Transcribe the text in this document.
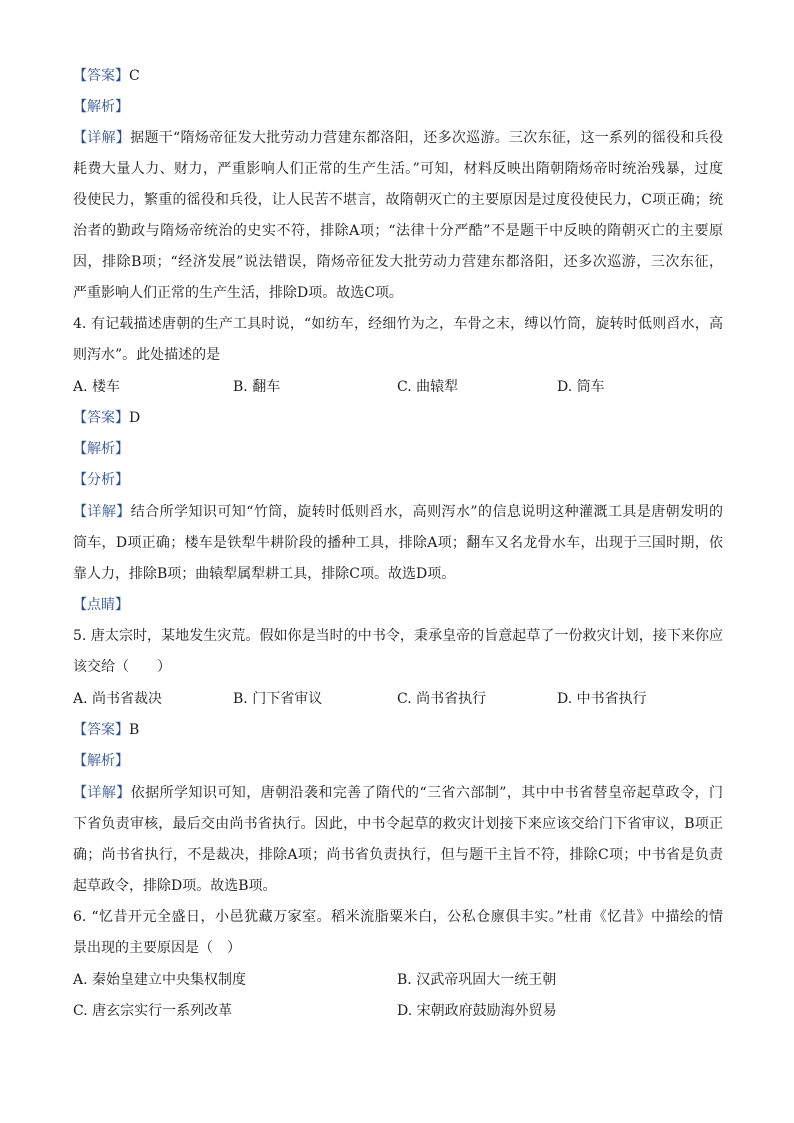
【答案】C
【解析】
【详解】据题干“隋炀帝征发大批劳动力营建东都洛阳，还多次巡游。三次东征，这一系列的徭役和兵役
耗费大量人力、财力，严重影响人们正常的生产生活。”可知，材料反映出隋朝隋炀帝时统治残暴，过度
役使民力，繁重的徭役和兵役，让人民苦不堪言，故隋朝灭亡的主要原因是过度役使民力，C项正确；统
治者的勤政与隋炀帝统治的史实不符，排除A项；“法律十分严酷”不是题干中反映的隋朝灭亡的主要原
因，排除B项；“经济发展”说法错误，隋炀帝征发大批劳动力营建东都洛阳，还多次巡游，三次东征，
严重影响人们正常的生产生活，排除D项。故选C项。
4. 有记载描述唐朝的生产工具时说，“如纺车，经细竹为之，车骨之末，缚以竹筒，旋转时低则舀水，高
则泻水”。此处描述的是
A. 楼车	B. 翻车	C. 曲辕犁	D. 筒车
【答案】D
【解析】
【分析】
【详解】结合所学知识可知“竹筒，旋转时低则舀水，高则泻水”的信息说明这种灌溉工具是唐朝发明的
筒车，D项正确；楼车是铁犁牛耕阶段的播种工具，排除A项；翻车又名龙骨水车，出现于三国时期，依
靠人力，排除B项；曲辕犁属犁耕工具，排除C项。故选D项。
【点睛】
5. 唐太宗时，某地发生灾荒。假如你是当时的中书令，秉承皇帝的旨意起草了一份救灾计划，接下来你应
该交给（　　）
A. 尚书省裁决	B. 门下省审议	C. 尚书省执行	D. 中书省执行
【答案】B
【解析】
【详解】依据所学知识可知，唐朝沿袭和完善了隋代的“三省六部制”，其中中书省替皇帝起草政令，门
下省负责审核，最后交由尚书省执行。因此，中书令起草的救灾计划接下来应该交给门下省审议，B项正
确；尚书省执行，不是裁决，排除A项；尚书省负责执行，但与题干主旨不符，排除C项；中书省是负责
起草政令，排除D项。故选B项。
6. “忆昔开元全盛日，小邑犹藏万家室。稻米流脂粟米白，公私仓廪俱丰实。”杜甫《忆昔》中描绘的情
景出现的主要原因是（　）
A. 秦始皇建立中央集权制度	B. 汉武帝巩固大一统王朝
C. 唐玄宗实行一系列改革	D. 宋朝政府鼓励海外贸易
